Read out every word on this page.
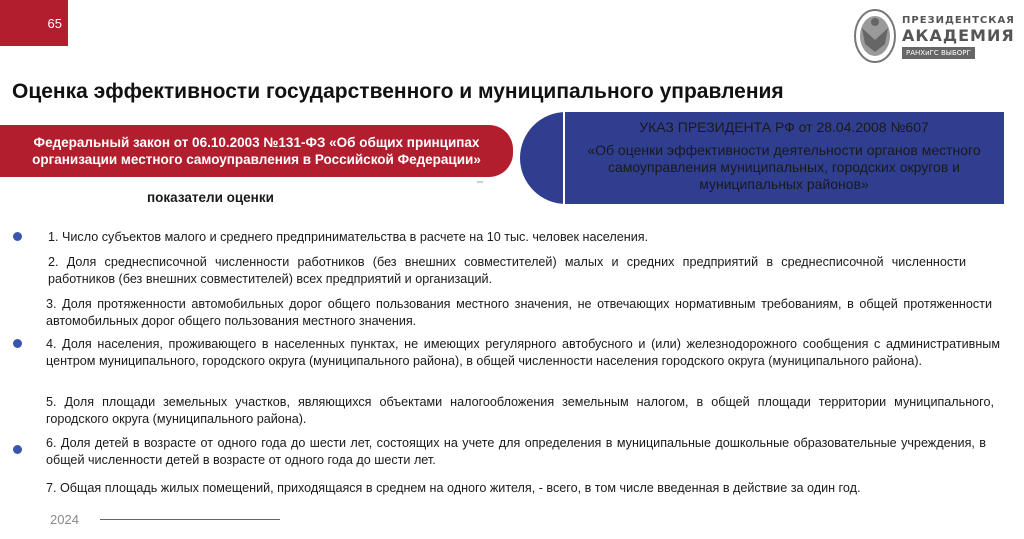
65	ПРЕЗИДЕНТСКАЯ
АКАДЕМИЯ
РАНХиГС ВЫБОРГ
Оценка эффективности государственного и муниципального управления
Федеральный закон от 06.10.2003 №131-ФЗ «Об общих принципах
организации местного самоуправления в Российской Федерации»
УКАЗ ПРЕЗИДЕНТА РФ от 28.04.2008 №607
«Об оценки эффективности деятельности органов местного самоуправления муниципальных, городских округов и муниципальных районов»
показатели оценки
1. Число субъектов малого и среднего предпринимательства в расчете на 10 тыс. человек населения.
2. Доля среднесписочной численности работников (без внешних совместителей) малых и средних предприятий в среднесписочной численности работников (без внешних совместителей) всех предприятий и организаций.
3. Доля протяженности автомобильных дорог общего пользования местного значения, не отвечающих нормативным требованиям, в общей протяженности автомобильных дорог общего пользования местного значения.
4. Доля населения, проживающего в населенных пунктах, не имеющих регулярного автобусного и (или) железнодорожного сообщения с административным центром муниципального, городского округа (муниципального района), в общей численности населения городского округа (муниципального района).
5. Доля площади земельных участков, являющихся объектами налогообложения земельным налогом, в общей площади территории муниципального, городского округа (муниципального района).
6. Доля детей в возрасте от одного года до шести лет, состоящих на учете для определения в муниципальные дошкольные образовательные учреждения, в общей численности детей в возрасте от одного года до шести лет.
7. Общая площадь жилых помещений, приходящаяся в среднем на одного жителя, - всего, в том числе введенная в действие за один год.
2024
